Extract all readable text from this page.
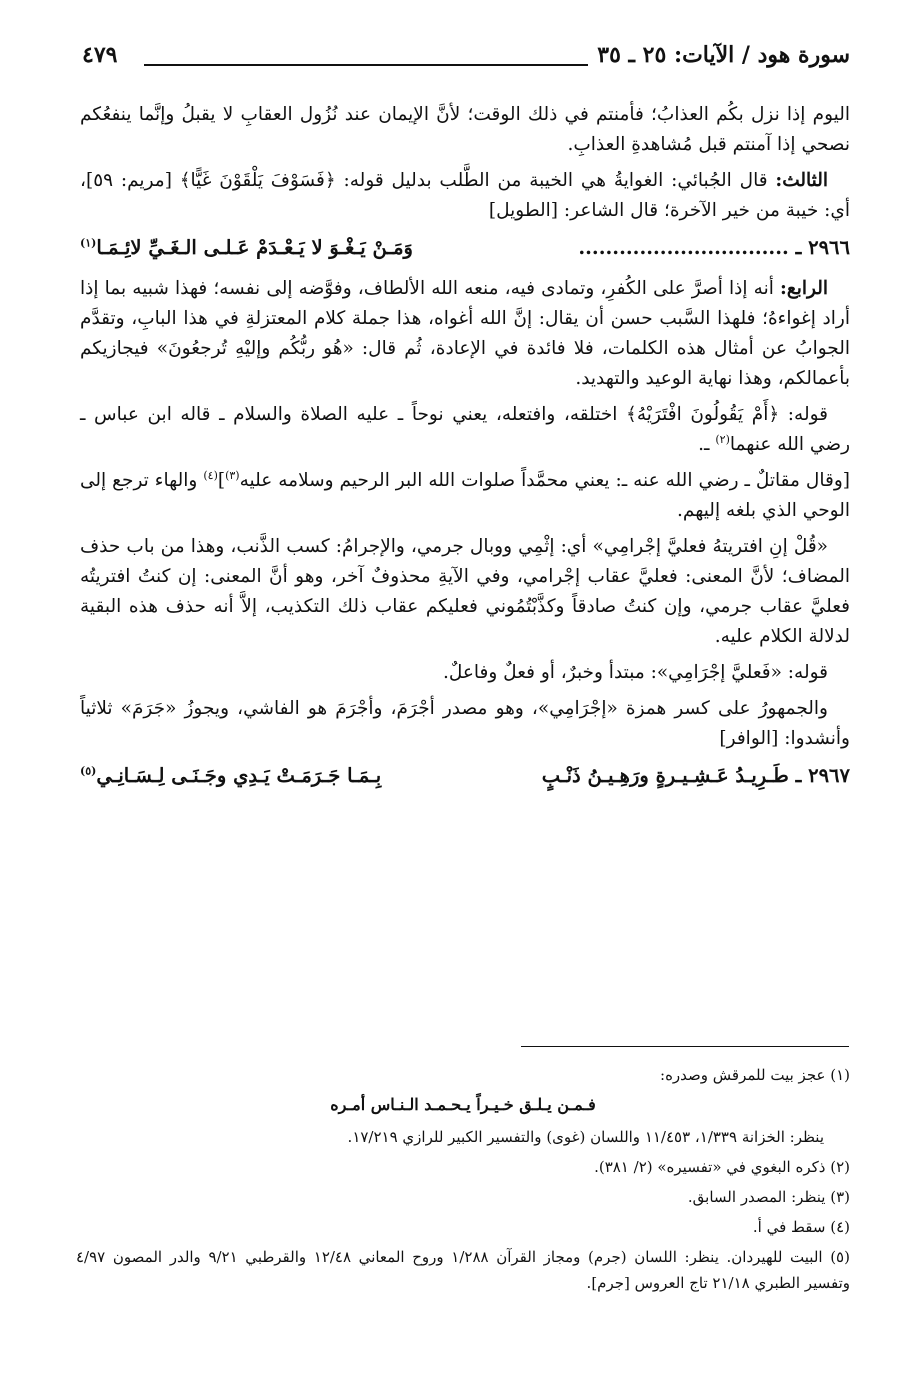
سورة هود / الآيات: ٢٥ ـ ٣٥
٤٧٩

اليوم إذا نزل بكُم العذابُ؛ فأمنتم في ذلك الوقت؛ لأنَّ الإيمان عند نُزُول العقابِ لا يقبلُ وإنَّما ينفعُكم نصحي إذا آمنتم قبل مُشاهدةِ العذابِ.

الثالث: قال الجُبائي: الغوايةُ هي الخيبة من الطَّلب بدليل قوله: ﴿فَسَوْفَ يَلْقَوْنَ غَيًّا﴾ [مريم: ٥٩]، أي: خيبة من خير الآخرة؛ قال الشاعر: [الطويل]

٢٩٦٦ ـ ...............................
وَمَـنْ يَـغْـوَ لا يَـعْـدَمْ عَـلـى الـغَـيِّ لائِـمَـا$^{(١)}$

الرابع: أنه إذا أصرَّ على الكُفرِ، وتمادى فيه، منعه الله الألطاف، وفوَّضه إلى نفسه؛ فهذا شبيه بما إذا أراد إغواءهُ؛ فلهذا السَّبب حسن أن يقال: إنَّ الله أغواه، هذا جملة كلام المعتزلةِ في هذا البابِ، وتقدَّم الجوابُ عن أمثال هذه الكلمات، فلا فائدة في الإعادة، ثُم قال: «هُو ربُّكُم وإليْهِ تُرجعُونَ» فيجازيكم بأعمالكم، وهذا نهاية الوعيد والتهديد.

قوله: ﴿أَمْ يَقُولُونَ افْتَرَيْهُ﴾ اختلقه، وافتعله، يعني نوحاً ـ عليه الصلاة والسلام ـ قاله ابن عباس ـ رضي الله عنهما$^{(٢)}$ ـ.

[وقال مقاتلٌ ـ رضي الله عنه ـ: يعني محمَّداً صلوات الله البر الرحيم وسلامه عليه$^{(٣)}$]$^{(٤)}$ والهاء ترجع إلى الوحي الذي بلغه إليهم.

«قُلْ إنِ افتريتهُ فعليَّ إجْرامِي» أي: إثْمِي ووبال جرمي، والإجرامُ: كسب الذَّنب، وهذا من باب حذف المضاف؛ لأنَّ المعنى: فعليَّ عقاب إجْرامي، وفي الآيةِ محذوفٌ آخر، وهو أنَّ المعنى: إن كنتُ افتريتُه فعليَّ عقاب جرمي، وإن كنتُ صادقاً وكذَّبْتُمُوني فعليكم عقاب ذلك التكذيب، إلاَّ أنه حذف هذه البقية لدلالة الكلام عليه.

قوله: «فَعليَّ إجْرَامِي»: مبتدأ وخبرٌ، أو فعلٌ وفاعلٌ.

والجمهورُ على كسر همزة «إجْرَامِي»، وهو مصدر أجْرَمَ، وأجْرَمَ هو الفاشي، ويجوزُ «جَرَمَ» ثلاثياً وأنشدوا: [الوافر]

٢٩٦٧ ـ طَـرِيـدُ عَـشِـيـرةٍ ورَهِـيـنُ ذَنْـبٍ
بِـمَـا جَـرَمَـتْ يَـدِي وجَـنَـى لِـسَـانِـي$^{(٥)}$

(١) عجز بيت للمرقش وصدره:

فـمـن يـلـق خـيـراً يـحـمـد الـنـاس أمـره

ينظر: الخزانة ١/٣٣٩، ١١/٤٥٣ واللسان (غوى) والتفسير الكبير للرازي ١٧/٢١٩.

(٢) ذكره البغوي في «تفسيره» (٢/ ٣٨١).

(٣) ينظر: المصدر السابق.

(٤) سقط في أ.

(٥) البيت للهيردان. ينظر: اللسان (جرم) ومجاز القرآن ١/٢٨٨ وروح المعاني ١٢/٤٨ والقرطبي ٩/٢١ والدر المصون ٤/٩٧ وتفسير الطبري ٢١/١٨ تاج العروس [جرم].
